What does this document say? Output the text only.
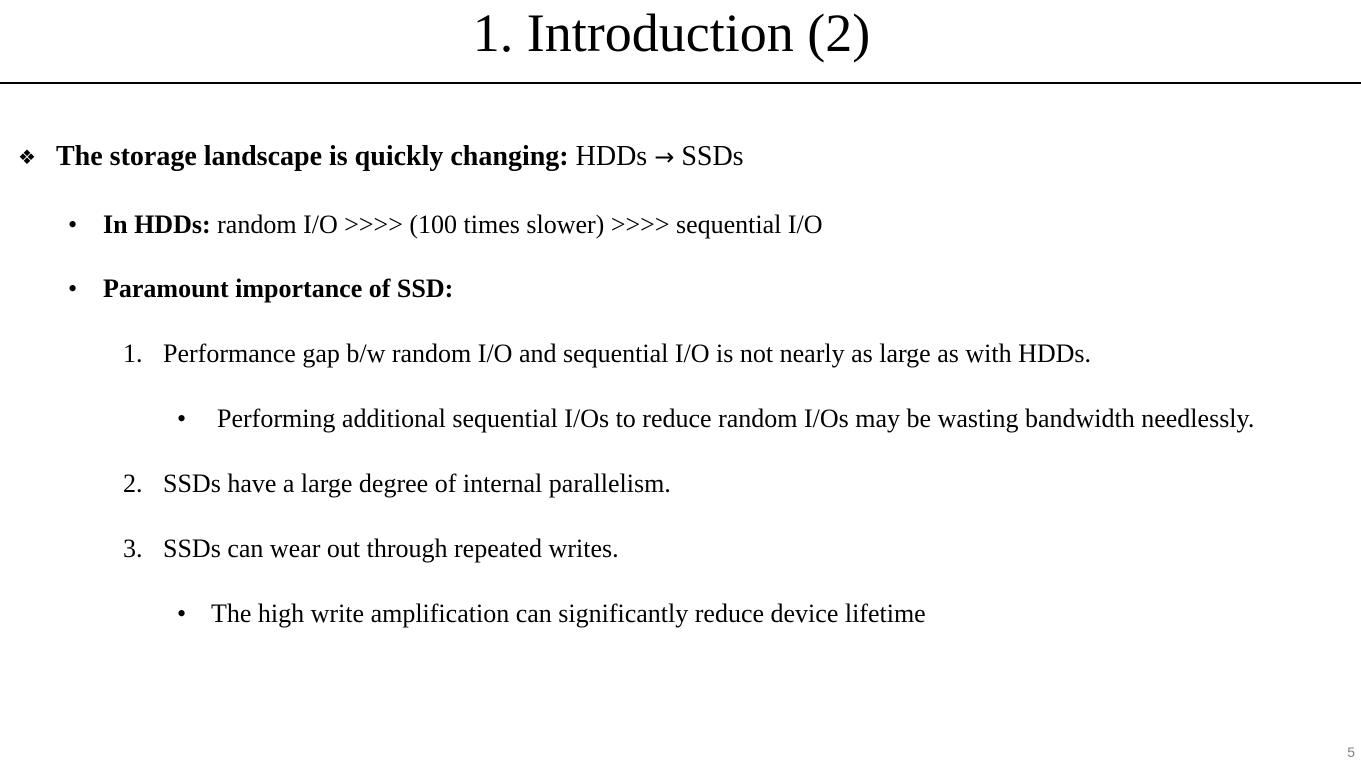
1. Introduction (2)
❖ The storage landscape is quickly changing: HDDs → SSDs
• In HDDs: random I/O >>>> (100 times slower) >>>> sequential I/O
• Paramount importance of SSD:
1. Performance gap b/w random I/O and sequential I/O is not nearly as large as with HDDs.
• Performing additional sequential I/Os to reduce random I/Os may be wasting bandwidth needlessly.
2. SSDs have a large degree of internal parallelism.
3. SSDs can wear out through repeated writes.
• The high write amplification can significantly reduce device lifetime
5
